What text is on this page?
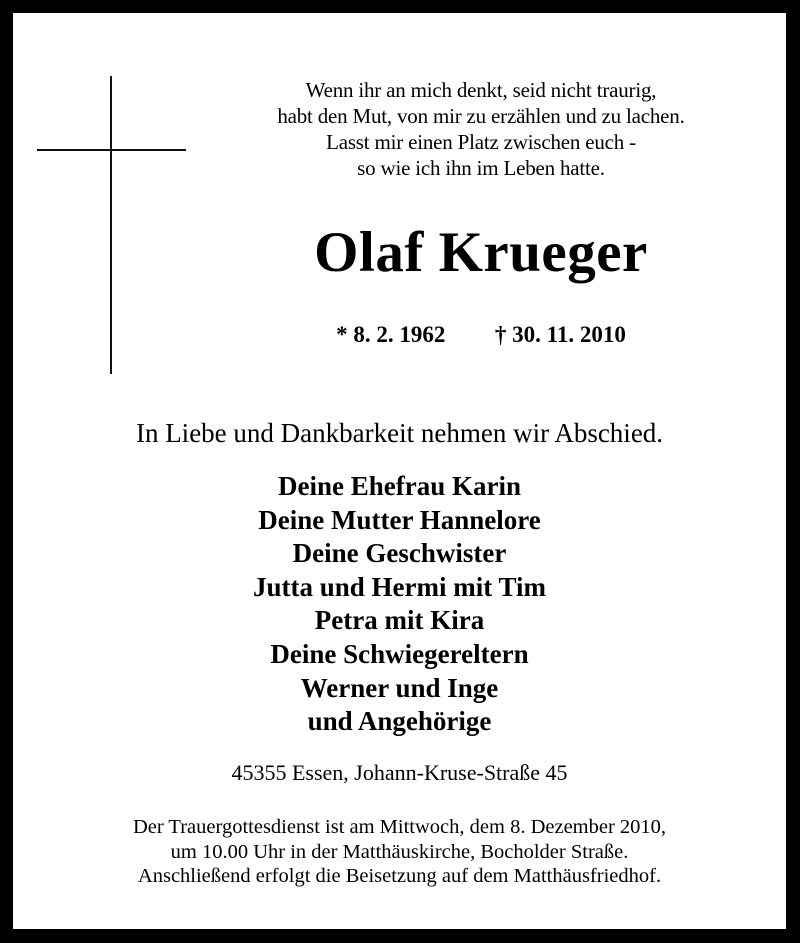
Wenn ihr an mich denkt, seid nicht traurig,
habt den Mut, von mir zu erzählen und zu lachen.
Lasst mir einen Platz zwischen euch -
so wie ich ihn im Leben hatte.
Olaf Krueger
* 8. 2. 1962 † 30. 11. 2010
In Liebe und Dankbarkeit nehmen wir Abschied.
Deine Ehefrau Karin
Deine Mutter Hannelore
Deine Geschwister
Jutta und Hermi mit Tim
Petra mit Kira
Deine Schwiegereltern
Werner und Inge
und Angehörige
45355 Essen, Johann-Kruse-Straße 45
Der Trauergottesdienst ist am Mittwoch, dem 8. Dezember 2010,
um 10.00 Uhr in der Matthäuskirche, Bocholder Straße.
Anschließend erfolgt die Beisetzung auf dem Matthäusfriedhof.
